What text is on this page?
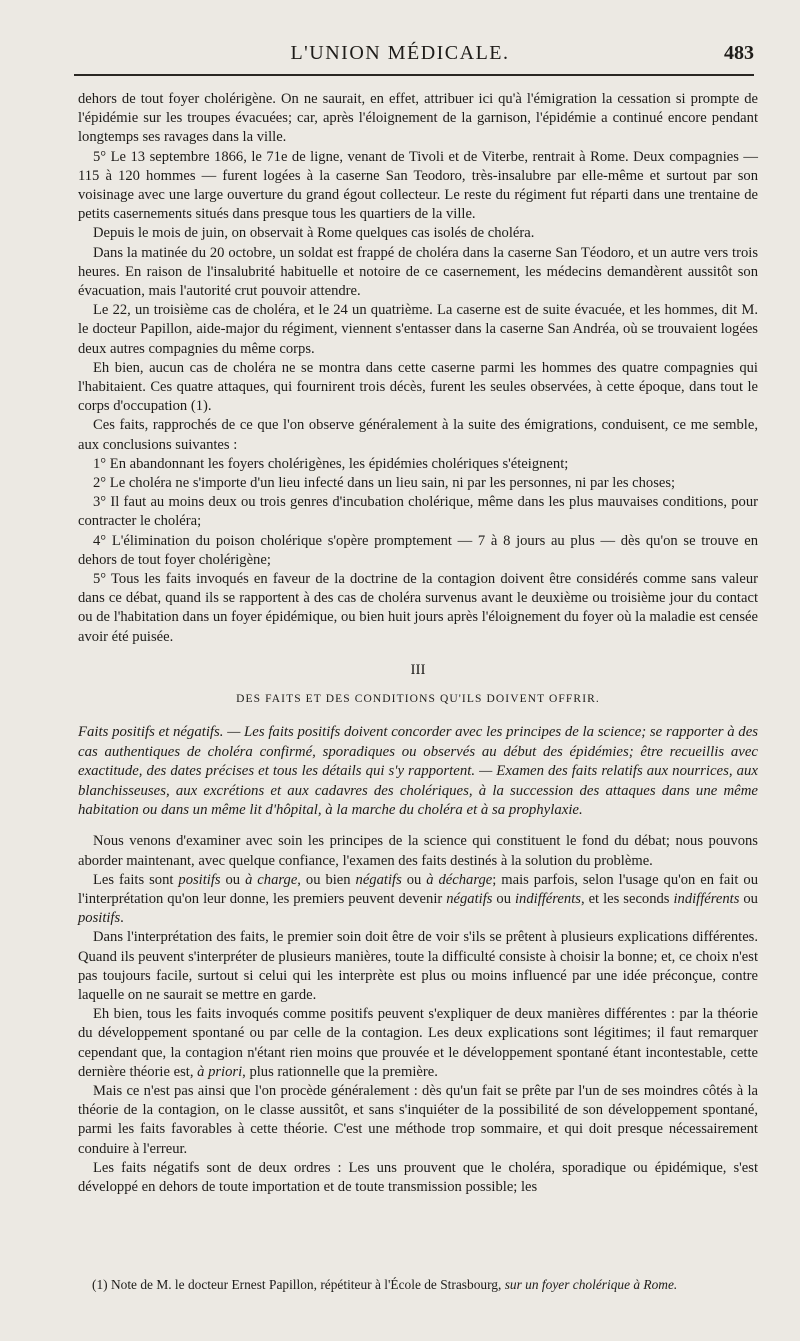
L'UNION MÉDICALE.	483

dehors de tout foyer cholérigène. On ne saurait, en effet, attribuer ici qu'à l'émigration la cessation si prompte de l'épidémie sur les troupes évacuées; car, après l'éloignement de la garnison, l'épidémie a continué encore pendant longtemps ses ravages dans la ville.

5° Le 13 septembre 1866, le 71e de ligne, venant de Tivoli et de Viterbe, rentrait à Rome. Deux compagnies — 115 à 120 hommes — furent logées à la caserne San Teodoro, très-insalubre par elle-même et surtout par son voisinage avec une large ouverture du grand égout collecteur. Le reste du régiment fut réparti dans une trentaine de petits casernements situés dans presque tous les quartiers de la ville.

Depuis le mois de juin, on observait à Rome quelques cas isolés de choléra.

Dans la matinée du 20 octobre, un soldat est frappé de choléra dans la caserne San Téodoro, et un autre vers trois heures. En raison de l'insalubrité habituelle et notoire de ce casernement, les médecins demandèrent aussitôt son évacuation, mais l'autorité crut pouvoir attendre.

Le 22, un troisième cas de choléra, et le 24 un quatrième. La caserne est de suite évacuée, et les hommes, dit M. le docteur Papillon, aide-major du régiment, viennent s'entasser dans la caserne San Andréa, où se trouvaient logées deux autres compagnies du même corps.

Eh bien, aucun cas de choléra ne se montra dans cette caserne parmi les hommes des quatre compagnies qui l'habitaient. Ces quatre attaques, qui fournirent trois décès, furent les seules observées, à cette époque, dans tout le corps d'occupation (1).

Ces faits, rapprochés de ce que l'on observe généralement à la suite des émigrations, conduisent, ce me semble, aux conclusions suivantes :

1° En abandonnant les foyers cholérigènes, les épidémies cholériques s'éteignent;

2° Le choléra ne s'importe d'un lieu infecté dans un lieu sain, ni par les personnes, ni par les choses;

3° Il faut au moins deux ou trois genres d'incubation cholérique, même dans les plus mauvaises conditions, pour contracter le choléra;

4° L'élimination du poison cholérique s'opère promptement — 7 à 8 jours au plus — dès qu'on se trouve en dehors de tout foyer cholérigène;

5° Tous les faits invoqués en faveur de la doctrine de la contagion doivent être considérés comme sans valeur dans ce débat, quand ils se rapportent à des cas de choléra survenus avant le deuxième ou troisième jour du contact ou de l'habitation dans un foyer épidémique, ou bien huit jours après l'éloignement du foyer où la maladie est censée avoir été puisée.

III
DES FAITS ET DES CONDITIONS QU'ILS DOIVENT OFFRIR.

Faits positifs et négatifs. — Les faits positifs doivent concorder avec les principes de la science; se rapporter à des cas authentiques de choléra confirmé, sporadiques ou observés au début des épidémies; être recueillis avec exactitude, des dates précises et tous les détails qui s'y rapportent. — Examen des faits relatifs aux nourrices, aux blanchisseuses, aux excrétions et aux cadavres des cholériques, à la succession des attaques dans une même habitation ou dans un même lit d'hôpital, à la marche du choléra et à sa prophylaxie.

Nous venons d'examiner avec soin les principes de la science qui constituent le fond du débat; nous pouvons aborder maintenant, avec quelque confiance, l'examen des faits destinés à la solution du problème.

Les faits sont positifs ou à charge, ou bien négatifs ou à décharge; mais parfois, selon l'usage qu'on en fait ou l'interprétation qu'on leur donne, les premiers peuvent devenir négatifs ou indifférents, et les seconds indifférents ou positifs.

Dans l'interprétation des faits, le premier soin doit être de voir s'ils se prêtent à plusieurs explications différentes. Quand ils peuvent s'interpréter de plusieurs manières, toute la difficulté consiste à choisir la bonne; et, ce choix n'est pas toujours facile, surtout si celui qui les interprète est plus ou moins influencé par une idée préconçue, contre laquelle on ne saurait se mettre en garde.

Eh bien, tous les faits invoqués comme positifs peuvent s'expliquer de deux manières différentes : par la théorie du développement spontané ou par celle de la contagion. Les deux explications sont légitimes; il faut remarquer cependant que, la contagion n'étant rien moins que prouvée et le développement spontané étant incontestable, cette dernière théorie est, à priori, plus rationnelle que la première.

Mais ce n'est pas ainsi que l'on procède généralement : dès qu'un fait se prête par l'un de ses moindres côtés à la théorie de la contagion, on le classe aussitôt, et sans s'inquiéter de la possibilité de son développement spontané, parmi les faits favorables à cette théorie. C'est une méthode trop sommaire, et qui doit presque nécessairement conduire à l'erreur.

Les faits négatifs sont de deux ordres : Les uns prouvent que le choléra, sporadique ou épidémique, s'est développé en dehors de toute importation et de toute transmission possible; les

(1) Note de M. le docteur Ernest Papillon, répétiteur à l'École de Strasbourg, sur un foyer cholérique à Rome.
